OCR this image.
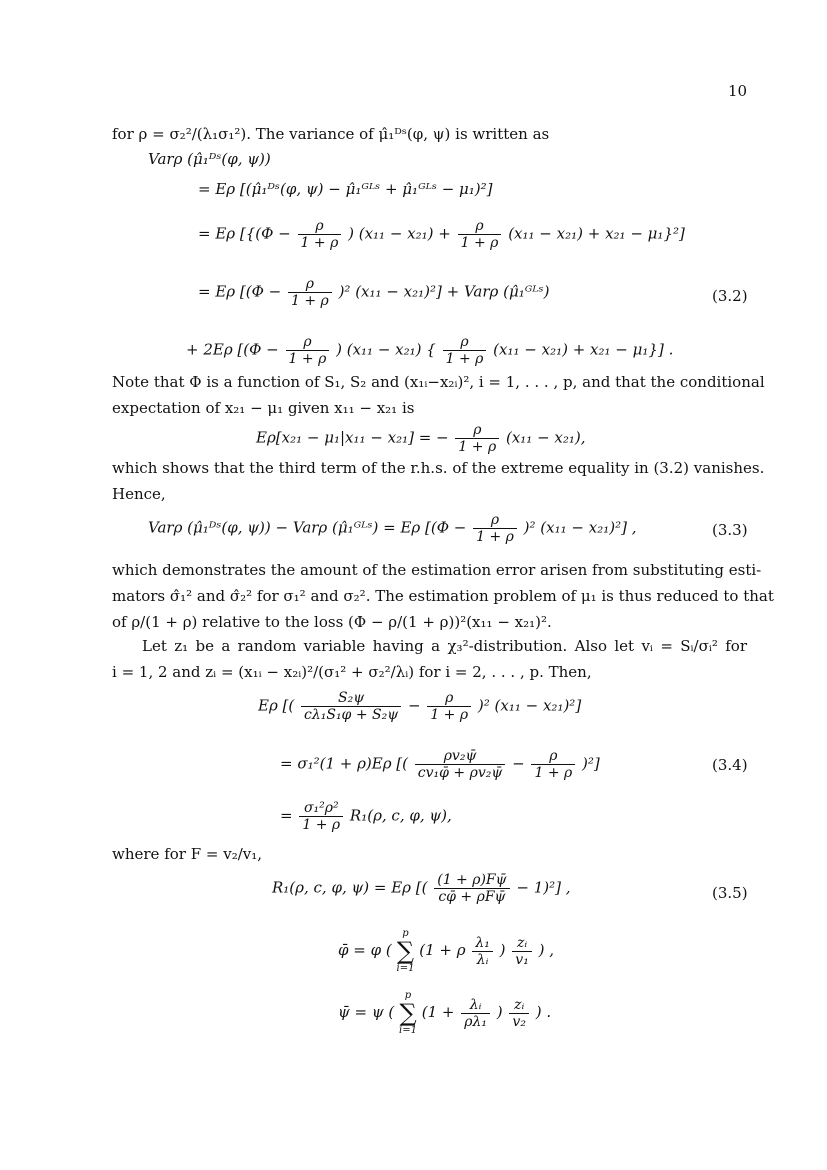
10
for ρ = σ₂²/(λ₁σ₁²). The variance of μ̂₁ᴰˢ(φ, ψ) is written as
Varρ (μ̂₁ᴰˢ(φ, ψ))
= Eρ [(μ̂₁ᴰˢ(φ, ψ) − μ̂₁ᴳᴸˢ + μ̂₁ᴳᴸˢ − μ₁)²]
= Eρ [{($\Phi - \frac{\rho}{1 + \rho}$ ) $(x_{11} - x_{21}) + \frac{\rho}{1 + \rho} (x_{11} - x_{21}) + x_{21} - \mu_1\}^2$]
= Eρ [$(\Phi - \frac{\rho}{1 + \rho} )^2$ (x₁₁ − x₂₁)²] + Varρ (μ̂₁ᴳᴸˢ)	(3.2)
+ 2Eρ [($\Phi - \frac{\rho}{1 + \rho}$ ) (x₁₁ − x₂₁) { $\frac{\rho}{1 + \rho} (x_{11} - x_{21}) + x_{21} - \mu_1$}] .
Note that Φ is a function of S₁, S₂ and (x₁ᵢ−x₂ᵢ)², i = 1, . . . , p, and that the conditional
expectation of x₂₁ − μ₁ given x₁₁ − x₂₁ is
Eρ[x₂₁ − μ₁|x₁₁ − x₂₁] = − $\frac{\rho}{1 + \rho} (x_{11} - x_{21})$,
which shows that the third term of the r.h.s. of the extreme equality in (3.2) vanishes.
Hence,
Varρ (μ̂₁ᴰˢ(φ, ψ)) − Varρ (μ̂₁ᴳᴸˢ) = Eρ [$(\Phi - \frac{\rho}{1 + \rho} )^2$ (x₁₁ − x₂₁)²] ,	(3.3)
which demonstrates the amount of the estimation error arisen from substituting esti-
mators σ̂₁² and σ̂₂² for σ₁² and σ₂². The estimation problem of μ₁ is thus reduced to that
of ρ/(1 + ρ) relative to the loss (Φ − ρ/(1 + ρ))²(x₁₁ − x₂₁)².
Let z₁ be a random variable having a χ₃²-distribution. Also let vᵢ = Sᵢ/σᵢ² for
i = 1, 2 and zᵢ = (x₁ᵢ − x₂ᵢ)²/(σ₁² + σ₂²/λᵢ) for i = 2, . . . , p. Then,
Eρ [( $\frac{\text{S₂ψ}}{\text{cλ₁S₁φ + S₂ψ}} - \frac{\rho}{1 + \rho} )^2$ (x₁₁ − x₂₁)²]
= σ₁²(1 + ρ)Eρ [( $\frac{\text{ρv₂ψ̄}}{\text{cv₁φ̄ + ρv₂ψ̄}} - \frac{\rho}{1 + \rho} )^2$]	(3.4)
= $\frac{\text{σ₁²ρ²}}{1 + \rho} R_1(\rho$, c, φ, ψ),
where for F = v₂/v₁,
R₁(ρ, c, φ, ψ) = Eρ [( $\frac{(1 + \rho)F\psī}{\text{cφ̄ + ρFψ̄}} - 1)^2$] ,	(3.5)
φ̄ = φ ( p
∑
i=1 (1 + ρ $\frac{\text{λ₁}}{\text{λᵢ}}$ ) $\frac{\text{zᵢ}}{\text{v₁}}$ ) ,
ψ̄ = ψ ( p
∑
i=1 ($1 + \frac{\text{λᵢ}}{\text{ρλ₁}}$ ) $\frac{\text{zᵢ}}{\text{v₂}}$ ) .
